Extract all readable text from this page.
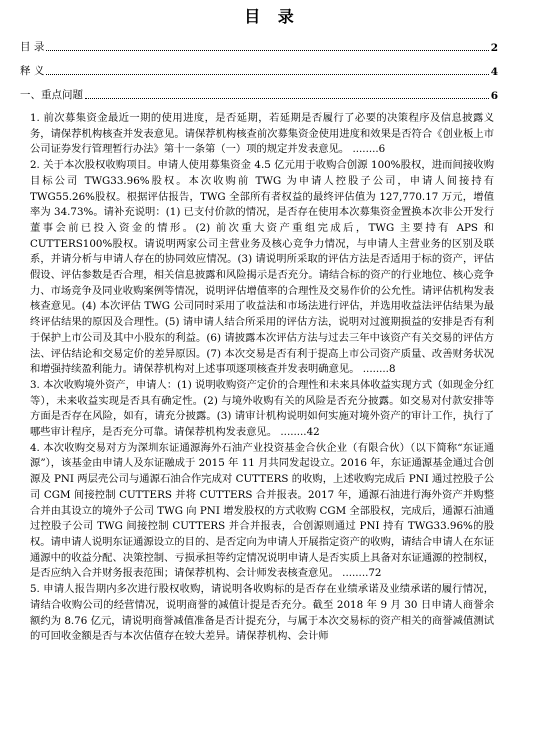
目 录
目 录	2
释 义	4
一、重点问题	6

1. 前次募集资金最近一期的使用进度，是否延期，若延期是否履行了必要的决策程序及信息披露义务，请保荐机构核查并发表意见。请保荐机构核查前次募集资金使用进度和效果是否符合《创业板上市公司证券发行管理暂行办法》第十一条第（一）项的规定并发表意见。 ........6

2. 关于本次股权收购项目。申请人使用募集资金 4.5 亿元用于收购合创源 100%股权，进而间接收购目标公司 TWG33.96%股权。本次收购前 TWG 为申请人控股子公司，申请人间接持有 TWG55.26%股权。根据评估报告，TWG 全部所有者权益的最终评估值为 127,770.17 万元，增值率为 34.73%。请补充说明：(1) 已支付价款的情况，是否存在使用本次募集资金置换本次非公开发行董事会前已投入资金的情形。(2) 前次重大资产重组完成后，TWG 主要持有 APS 和 CUTTERS100%股权。请说明两家公司主营业务及核心竞争力情况，与申请人主营业务的区别及联系，并请分析与申请人存在的协同效应情况。(3) 请说明所采取的评估方法是否适用于标的资产，评估假设、评估参数是否合理，相关信息披露和风险揭示是否充分。请结合标的资产的行业地位、核心竞争力、市场竞争及同业收购案例等情况，说明评估增值率的合理性及交易作价的公允性。请评估机构发表核查意见。(4) 本次评估 TWG 公司同时采用了收益法和市场法进行评估，并选用收益法评估结果为最终评估结果的原因及合理性。(5) 请申请人结合所采用的评估方法，说明对过渡期损益的安排是否有利于保护上市公司及其中小股东的利益。(6) 请披露本次评估方法与过去三年中该资产有关交易的评估方法、评估结论和交易定价的差异原因。(7) 本次交易是否有利于提高上市公司资产质量、改善财务状况和增强持续盈利能力。请保荐机构对上述事项逐项核查并发表明确意见。 ........8

3. 本次收购境外资产，申请人：(1) 说明收购资产定价的合理性和未来具体收益实现方式（如现金分红等），未来收益实现是否具有确定性。(2) 与境外收购有关的风险是否充分披露。如交易对付款安排等方面是否存在风险，如有，请充分披露。(3) 请审计机构说明如何实施对境外资产的审计工作，执行了哪些审计程序，是否充分可靠。请保荐机构发表意见。 ........42

4. 本次收购交易对方为深圳东证通源海外石油产业投资基金合伙企业（有限合伙）（以下简称“东证通源”），该基金由申请人及东证融成于 2015 年 11 月共同发起设立。2016 年，东证通源基金通过合创源及 PNI 两层壳公司与通源石油合作完成对 CUTTERS 的收购，上述收购完成后 PNI 通过控股子公司 CGM 间接控制 CUTTERS 并将 CUTTERS 合并报表。2017 年，通源石油进行海外资产并购整合并由其设立的境外子公司 TWG 向 PNI 增发股权的方式收购 CGM 全部股权，完成后，通源石油通过控股子公司 TWG 间接控制 CUTTERS 并合并报表，合创源则通过 PNI 持有 TWG33.96%的股权。请申请人说明东证通源设立的目的、是否定向为申请人开展指定资产的收购，请结合申请人在东证通源中的收益分配、决策控制、亏损承担等约定情况说明申请人是否实质上具备对东证通源的控制权，是否应纳入合并财务报表范围；请保荐机构、会计师发表核查意见。 ........72

5. 申请人报告期内多次进行股权收购，请说明各收购标的是否存在业绩承诺及业绩承诺的履行情况，请结合收购公司的经营情况，说明商誉的减值计提是否充分。截至 2018 年 9 月 30 日申请人商誉余额约为 8.76 亿元，请说明商誉减值准备是否计提充分，与属于本次交易标的资产相关的商誉减值测试的可回收金额是否与本次估值存在较大差异。请保荐机构、会计师
